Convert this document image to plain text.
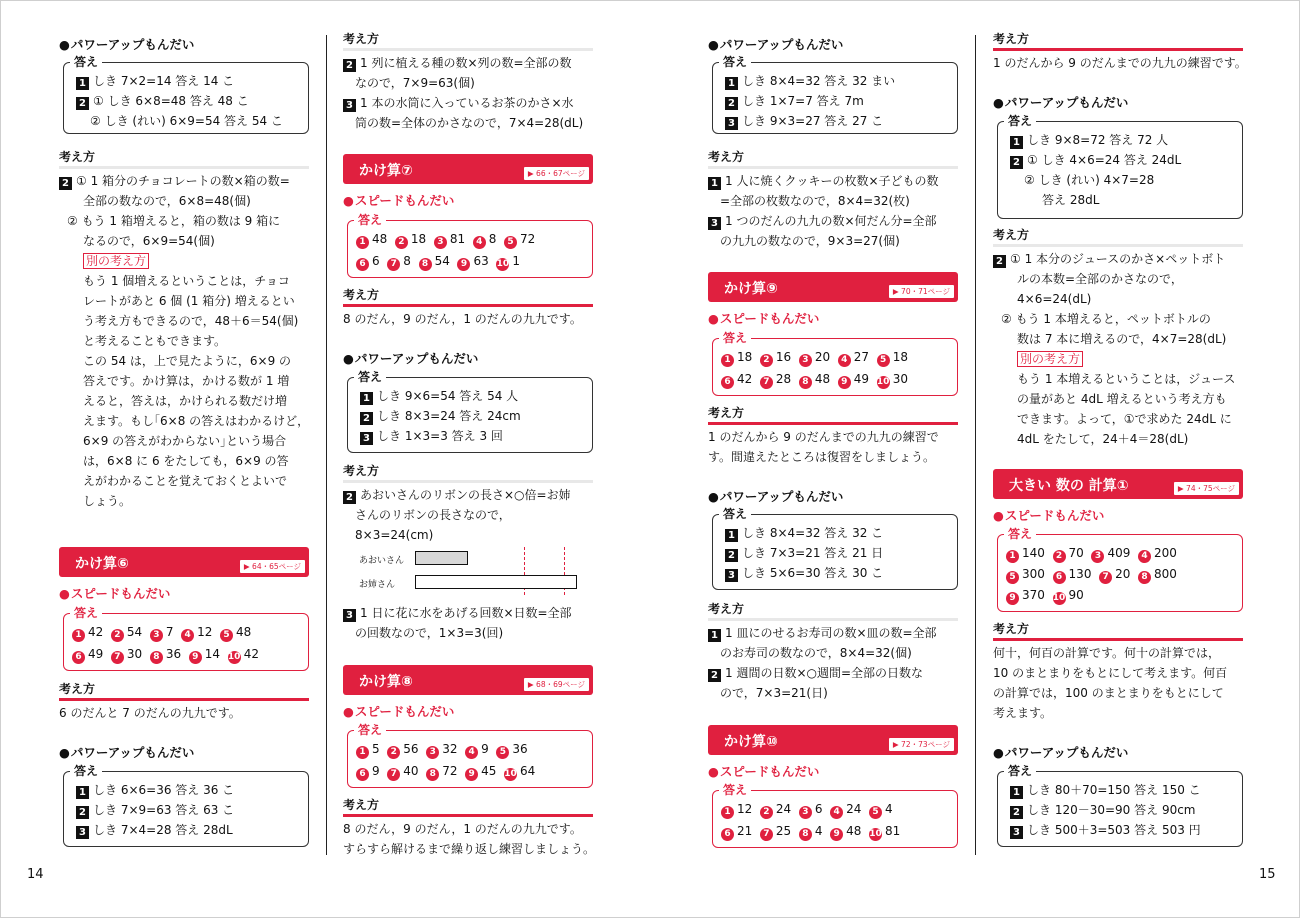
● パワーアップもんだい
答え
1 しき 7×2=14 答え 14 こ
2 ① しき 6×8=48 答え 48 こ
② しき (れい) 6×9=54 答え 54 こ
考え方
2 ① 1 箱分のチョコレートの数×箱の数=
全部の数なので，6×8=48(個)
② もう 1 箱増えると，箱の数は 9 箱に
なるので，6×9=54(個)
別の考え方
もう 1 個増えるということは，チョコ
レートがあと 6 個 (1 箱分) 増えるとい
う考え方もできるので，48＋6＝54(個)
と考えることもできます。
この 54 は，上で見たように，6×9 の
答えです。かけ算は，かける数が 1 増
えると，答えは，かけられる数だけ増
えます。もし｢6×8 の答えはわかるけど，
6×9 の答えがわからない｣という場合
は，6×8 に 6 をたしても，6×9 の答
えがわかることを覚えておくとよいで
しょう。
かけ算⑥	▶ 64・65ページ
● スピードもんだい
答え
1 42 2 54 3 7 4 12 5 48
6 49 7 30 8 36 9 14 10 42
考え方
6 のだんと 7 のだんの九九です。
● パワーアップもんだい
答え
1 しき 6×6=36 答え 36 こ
2 しき 7×9=63 答え 63 こ
3 しき 7×4=28 答え 28dL
考え方
2 1 列に植える種の数×列の数=全部の数
なので，7×9=63(個)
3 1 本の水筒に入っているお茶のかさ×水
筒の数=全体のかさなので，7×4=28(dL)
かけ算⑦	▶ 66・67ページ
● スピードもんだい
答え
1 48 2 18 3 81 4 8 5 72
6 6 7 8 8 54 9 63 10 1
考え方
8 のだん，9 のだん，1 のだんの九九です。
● パワーアップもんだい
答え
1 しき 9×6=54 答え 54 人
2 しき 8×3=24 答え 24cm
3 しき 1×3=3 答え 3 回
考え方
2 あおいさんのリボンの長さ×○倍=お姉
さんのリボンの長さなので，
8×3=24(cm)
あおいさん
お姉さん
3 1 日に花に水をあげる回数×日数=全部
の回数なので，1×3=3(回)
かけ算⑧	▶ 68・69ページ
● スピードもんだい
答え
1 5 2 56 3 32 4 9 5 36
6 9 7 40 8 72 9 45 10 64
考え方
8 のだん，9 のだん，1 のだんの九九です。
すらすら解けるまで繰り返し練習しましょう。
14
● パワーアップもんだい
答え
1 しき 8×4=32 答え 32 まい
2 しき 1×7=7 答え 7m
3 しき 9×3=27 答え 27 こ
考え方
1 1 人に焼くクッキーの枚数×子どもの数
=全部の枚数なので，8×4=32(枚)
3 1 つのだんの九九の数×何だん分=全部
の九九の数なので，9×3=27(個)
かけ算⑨	▶ 70・71ページ
● スピードもんだい
答え
1 18 2 16 3 20 4 27 5 18
6 42 7 28 8 48 9 49 10 30
考え方
1 のだんから 9 のだんまでの九九の練習で
す。間違えたところは復習をしましょう。
● パワーアップもんだい
答え
1 しき 8×4=32 答え 32 こ
2 しき 7×3=21 答え 21 日
3 しき 5×6=30 答え 30 こ
考え方
1 1 皿にのせるお寿司の数×皿の数=全部
のお寿司の数なので，8×4=32(個)
2 1 週間の日数×○週間=全部の日数な
ので，7×3=21(日)
かけ算⑩	▶ 72・73ページ
● スピードもんだい
答え
1 12 2 24 3 6 4 24 5 4
6 21 7 25 8 4 9 48 10 81
考え方
1 のだんから 9 のだんまでの九九の練習です。
● パワーアップもんだい
答え
1 しき 9×8=72 答え 72 人
2 ① しき 4×6=24 答え 24dL
② しき (れい) 4×7=28
答え 28dL
考え方
2 ① 1 本分のジュースのかさ×ペットボト
ルの本数=全部のかさなので，
4×6=24(dL)
② もう 1 本増えると，ペットボトルの
数は 7 本に増えるので，4×7=28(dL)
別の考え方
もう 1 本増えるということは，ジュース
の量があと 4dL 増えるという考え方も
できます。よって，①で求めた 24dL に
4dL をたして，24＋4＝28(dL)
大きい 数の 計算①	▶ 74・75ページ
● スピードもんだい
答え
1 140 2 70 3 409 4 200
5 300 6 130 7 20 8 800
9 370 10 90
考え方
何十，何百の計算です。何十の計算では，
10 のまとまりをもとにして考えます。何百
の計算では，100 のまとまりをもとにして
考えます。
● パワーアップもんだい
答え
1 しき 80＋70=150 答え 150 こ
2 しき 120－30=90 答え 90cm
3 しき 500＋3=503 答え 503 円
15
